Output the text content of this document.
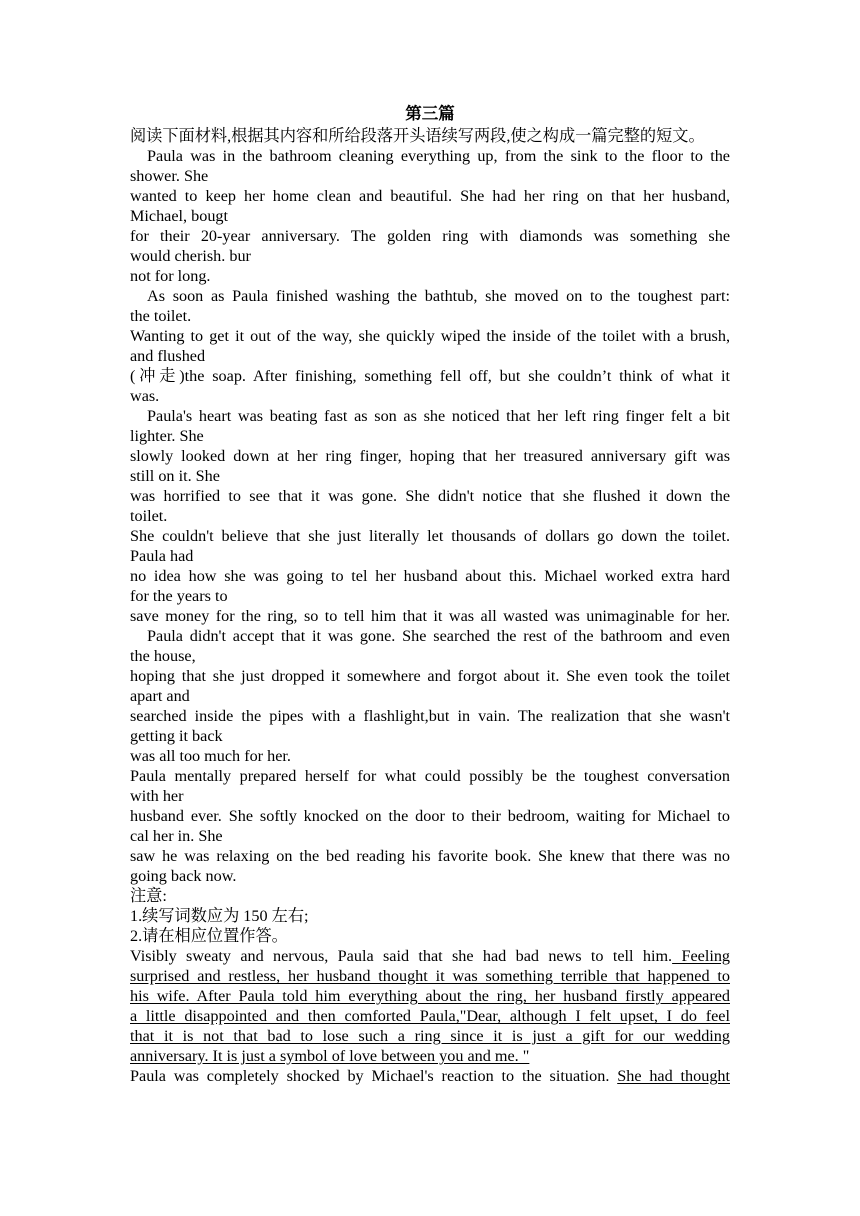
第三篇
阅读下面材料,根据其内容和所给段落开头语续写两段,使之构成一篇完整的短文。
Paula was in the bathroom cleaning everything up, from the sink to the floor to the
shower. She
wanted to keep her home clean and beautiful. She had her ring on that her husband,
Michael, bougt
for their 20-year anniversary. The golden ring with diamonds was something she
would cherish. bur
not for long.
As soon as Paula finished washing the bathtub, she moved on to the toughest part:
the toilet.
Wanting to get it out of the way, she quickly wiped the inside of the toilet with a brush,
and flushed
(冲走)the soap. After finishing, something fell off, but she couldn’t think of what it
was.
Paula's heart was beating fast as son as she noticed that her left ring finger felt a bit
lighter. She
slowly looked down at her ring finger, hoping that her treasured anniversary gift was
still on it. She
was horrified to see that it was gone. She didn't notice that she flushed it down the
toilet.
She couldn't believe that she just literally let thousands of dollars go down the toilet.
Paula had
no idea how she was going to tel her husband about this. Michael worked extra hard
for the years to
save money for the ring, so to tell him that it was all wasted was unimaginable for her.
Paula didn't accept that it was gone. She searched the rest of the bathroom and even
the house,
hoping that she just dropped it somewhere and forgot about it. She even took the toilet
apart and
searched inside the pipes with a flashlight,but in vain. The realization that she wasn't
getting it back
was all too much for her.
Paula mentally prepared herself for what could possibly be the toughest conversation
with her
husband ever. She softly knocked on the door to their bedroom, waiting for Michael to
cal her in. She
saw he was relaxing on the bed reading his favorite book. She knew that there was no
going back now.
注意:
1.续写词数应为 150 左右;
2.请在相应位置作答。
Visibly sweaty and nervous, Paula said that she had bad news to tell him. Feeling
surprised and restless, her husband thought it was something terrible that happened to
his wife. After Paula told him everything about the ring, her husband firstly appeared
a little disappointed and then comforted Paula,"Dear, although I felt upset, I do feel
that it is not that bad to lose such a ring since it is just a gift for our wedding
anniversary. It is just a symbol of love between you and me. "
Paula was completely shocked by Michael's reaction to the situation. She had thought
